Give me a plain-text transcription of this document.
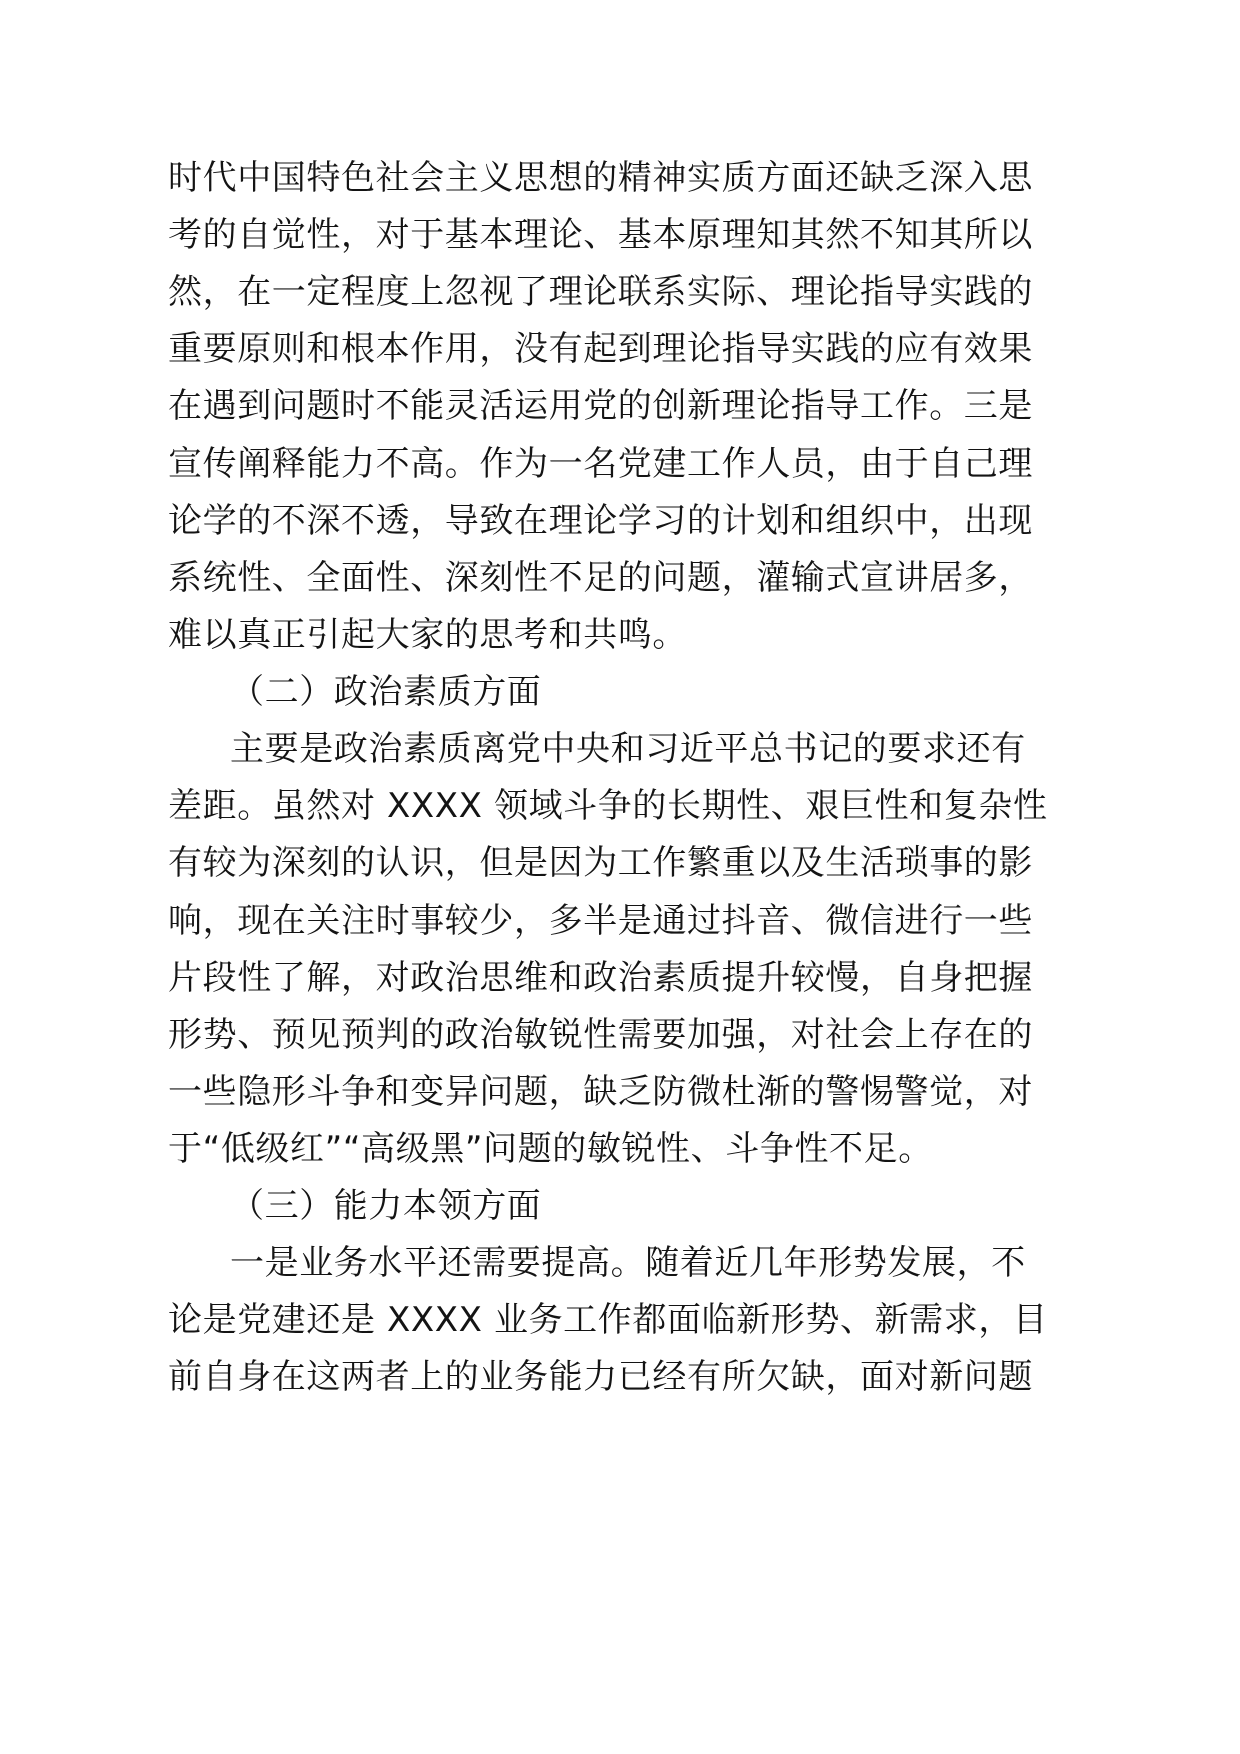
时代中国特色社会主义思想的精神实质方面还缺乏深入思
考的自觉性，对于基本理论、基本原理知其然不知其所以
然，在一定程度上忽视了理论联系实际、理论指导实践的
重要原则和根本作用，没有起到理论指导实践的应有效果
在遇到问题时不能灵活运用党的创新理论指导工作。三是
宣传阐释能力不高。作为一名党建工作人员，由于自己理
论学的不深不透，导致在理论学习的计划和组织中，出现
系统性、全面性、深刻性不足的问题，灌输式宣讲居多，
难以真正引起大家的思考和共鸣。
（二）政治素质方面
主要是政治素质离党中央和习近平总书记的要求还有
差距。虽然对 XXXX 领域斗争的长期性、艰巨性和复杂性
有较为深刻的认识，但是因为工作繁重以及生活琐事的影
响，现在关注时事较少，多半是通过抖音、微信进行一些
片段性了解，对政治思维和政治素质提升较慢，自身把握
形势、预见预判的政治敏锐性需要加强，对社会上存在的
一些隐形斗争和变异问题，缺乏防微杜渐的警惕警觉，对
于“低级红”“高级黑”问题的敏锐性、斗争性不足。
（三）能力本领方面
一是业务水平还需要提高。随着近几年形势发展，不
论是党建还是 XXXX 业务工作都面临新形势、新需求，目
前自身在这两者上的业务能力已经有所欠缺，面对新问题
